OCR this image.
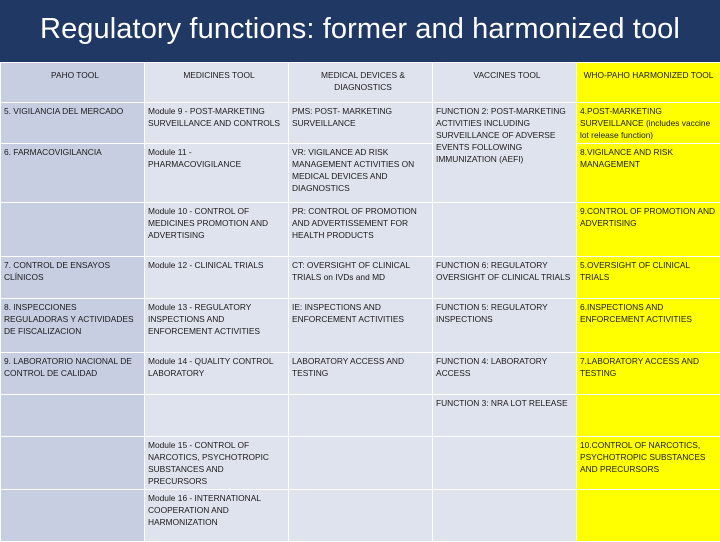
Regulatory functions: former and harmonized tool
PAHO TOOL	MEDICINES TOOL	MEDICAL DEVICES & DIAGNOSTICS	VACCINES TOOL	WHO-PAHO HARMONIZED TOOL
5. VIGILANCIA DEL MERCADO	Module 9 - POST-MARKETING SURVEILLANCE AND CONTROLS	PMS: POST- MARKETING SURVEILLANCE	FUNCTION 2: POST-MARKETING ACTIVITIES INCLUDING SURVEILLANCE OF ADVERSE EVENTS FOLLOWING IMMUNIZATION (AEFI)	4.POST-MARKETING SURVEILLANCE (includes vaccine lot release function)
6. FARMACOVIGILANCIA	Module 11 - PHARMACOVIGILANCE	VR: VIGILANCE AD RISK MANAGEMENT ACTIVITIES ON MEDICAL DEVICES AND DIAGNOSTICS		8.VIGILANCE AND RISK MANAGEMENT
	Module 10 - CONTROL OF MEDICINES PROMOTION AND ADVERTISING	PR: CONTROL OF PROMOTION AND ADVERTISSEMENT FOR HEALTH PRODUCTS		9.CONTROL OF PROMOTION AND ADVERTISING
7. CONTROL DE ENSAYOS CLÍNICOS	Module 12 - CLINICAL TRIALS	CT: OVERSIGHT OF CLINICAL TRIALS on IVDs and MD	FUNCTION 6: REGULATORY OVERSIGHT OF CLINICAL TRIALS	5.OVERSIGHT OF CLINICAL TRIALS
8. INSPECCIONES REGULADORAS Y ACTIVIDADES DE FISCALIZACION	Module 13 - REGULATORY INSPECTIONS AND ENFORCEMENT ACTIVITIES	IE: INSPECTIONS AND ENFORCEMENT ACTIVITIES	FUNCTION 5: REGULATORY INSPECTIONS	6.INSPECTIONS AND ENFORCEMENT ACTIVITIES
9. LABORATORIO NACIONAL DE CONTROL DE CALIDAD	Module 14 - QUALITY CONTROL LABORATORY	LABORATORY ACCESS AND TESTING	FUNCTION 4: LABORATORY ACCESS	7.LABORATORY ACCESS AND TESTING
			FUNCTION 3: NRA LOT RELEASE	
	Module 15 - CONTROL OF NARCOTICS, PSYCHOTROPIC SUBSTANCES AND PRECURSORS			10.CONTROL OF NARCOTICS, PSYCHOTROPIC SUBSTANCES AND PRECURSORS
	Module 16 - INTERNATIONAL COOPERATION AND HARMONIZATION			
